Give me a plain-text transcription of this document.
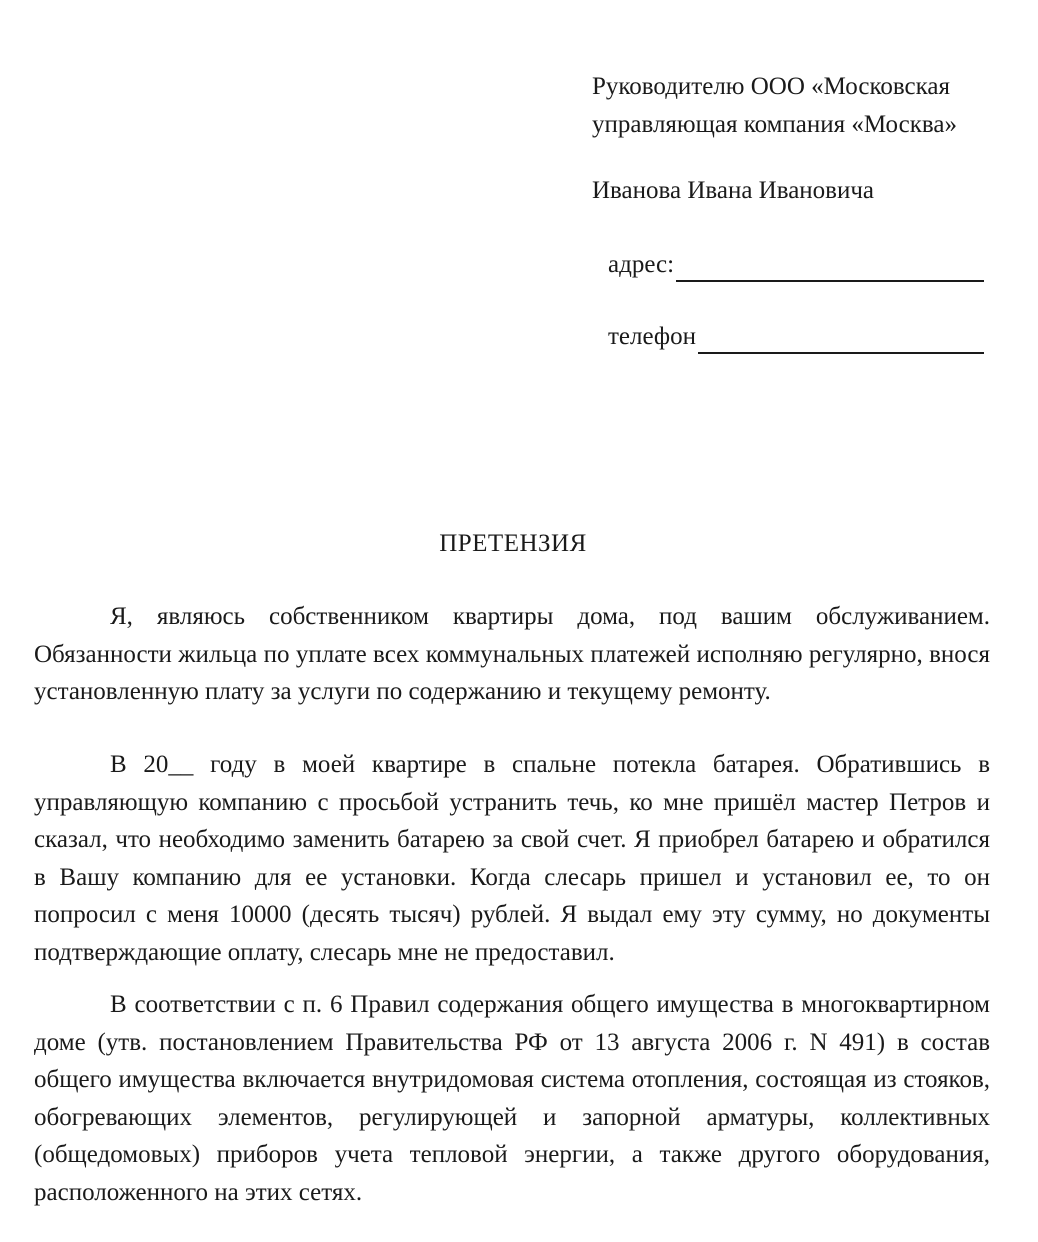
Руководителю ООО «Московская
управляющая компания «Москва»
Иванова Ивана Ивановича
адрес:
телефон
ПРЕТЕНЗИЯ

Я, являюсь собственником квартиры дома, под вашим обслуживанием. Обязанности жильца по уплате всех коммунальных платежей исполняю регулярно, внося установленную плату за услуги по содержанию и текущему ремонту.

В 20__ году в моей квартире в спальне потекла батарея. Обратившись в управляющую компанию с просьбой устранить течь, ко мне пришёл мастер Петров и сказал, что необходимо заменить батарею за свой счет. Я приобрел батарею и обратился в Вашу компанию для ее установки. Когда слесарь пришел и установил ее, то он попросил с меня 10000 (десять тысяч) рублей. Я выдал ему эту сумму, но документы подтверждающие оплату, слесарь мне не предоставил.

В соответствии с п. 6 Правил содержания общего имущества в многоквартирном доме (утв. постановлением Правительства РФ от 13 августа 2006 г. N 491) в состав общего имущества включается внутридомовая система отопления, состоящая из стояков, обогревающих элементов, регулирующей и запорной арматуры, коллективных (общедомовых) приборов учета тепловой энергии, а также другого оборудования, расположенного на этих сетях.
